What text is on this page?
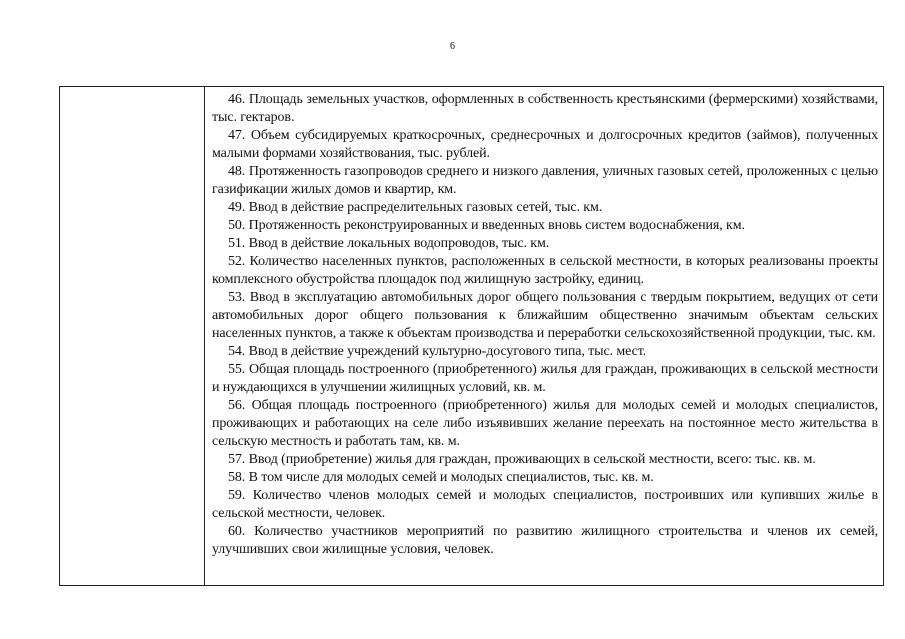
6

46. Площадь земельных участков, оформленных в собственность крестьянскими (фермерскими) хозяйствами, тыс. гектаров.

47. Объем субсидируемых краткосрочных, среднесрочных и долгосрочных кредитов (займов), полученных малыми формами хозяйствования, тыс. рублей.

48. Протяженность газопроводов среднего и низкого давления, уличных газовых сетей, проложенных с целью газификации жилых домов и квартир, км.

49. Ввод в действие распределительных газовых сетей, тыс. км.

50. Протяженность реконструированных и введенных вновь систем водоснабжения, км.

51. Ввод в действие локальных водопроводов, тыс. км.

52. Количество населенных пунктов, расположенных в сельской местности, в которых реализованы проекты комплексного обустройства площадок под жилищную застройку, единиц.

53. Ввод в эксплуатацию автомобильных дорог общего пользования с твердым покрытием, ведущих от сети автомобильных дорог общего пользования к ближайшим общественно значимым объектам сельских населенных пунктов, а также к объектам производства и переработки сельскохозяйственной продукции, тыс. км.

54. Ввод в действие учреждений культурно-досугового типа, тыс. мест.

55. Общая площадь построенного (приобретенного) жилья для граждан, проживающих в сельской местности и нуждающихся в улучшении жилищных условий, кв. м.

56. Общая площадь построенного (приобретенного) жилья для молодых семей и молодых специалистов, проживающих и работающих на селе либо изъявивших желание переехать на постоянное место жительства в сельскую местность и работать там, кв. м.

57. Ввод (приобретение) жилья для граждан, проживающих в сельской местности, всего: тыс. кв. м.

58. В том числе для молодых семей и молодых специалистов, тыс. кв. м.

59. Количество членов молодых семей и молодых специалистов, построивших или купивших жилье в сельской местности, человек.

60. Количество участников мероприятий по развитию жилищного строительства и членов их семей, улучшивших свои жилищные условия, человек.
